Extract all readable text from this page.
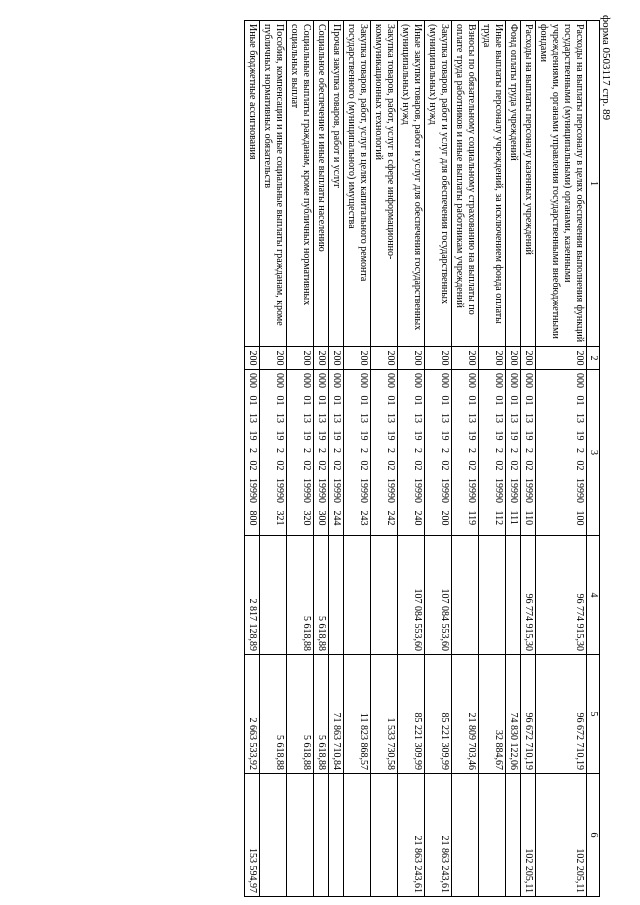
форма 0503117 стр. 89
1	2	3	4	5	6
Расходы на выплаты персоналу в целях обеспечения выполнения функций государственными (муниципальными) органами, казенными учреждениями, органами управления государственными внебюджетными фондами	200	000 01 13 19 2 02 19990 100	96 774 915,30	96 672 710,19	102 205,11
Расходы на выплаты персоналу казенных учреждений	200	000 01 13 19 2 02 19990 110	96 774 915,30	96 672 710,19	102 205,11
Фонд оплаты труда учреждений	200	000 01 13 19 2 02 19990 111		74 830 122,06	
Иные выплаты персоналу учреждений, за исключением фонда оплаты труда	200	000 01 13 19 2 02 19990 112		32 884,67	
Взносы по обязательному социальному страхованию на выплаты по оплате труда работников и иные выплаты работникам учреждений	200	000 01 13 19 2 02 19990 119		21 809 703,46	
Закупка товаров, работ и услуг для обеспечения государственных (муниципальных) нужд	200	000 01 13 19 2 02 19990 200	107 084 553,60	85 221 309,99	21 863 243,61
Иные закупки товаров, работ и услуг для обеспечения государственных (муниципальных) нужд	200	000 01 13 19 2 02 19990 240	107 084 553,60	85 221 309,99	21 863 243,61
Закупка товаров, работ, услуг в сфере информационно-коммуникационных технологий	200	000 01 13 19 2 02 19990 242		1 533 730,58	
Закупка товаров, работ, услуг в целях капитального ремонта государственного (муниципального) имущества	200	000 01 13 19 2 02 19990 243		11 823 868,57	
Прочая закупка товаров, работ и услуг	200	000 01 13 19 2 02 19990 244		71 863 710,84	
Социальное обеспечение и иные выплаты населению	200	000 01 13 19 2 02 19990 300	5 618,88	5 618,88	
Социальные выплаты гражданам, кроме публичных нормативных социальных выплат	200	000 01 13 19 2 02 19990 320	5 618,88	5 618,88	
Пособия, компенсации и иные социальные выплаты гражданам, кроме публичных нормативных обязательств	200	000 01 13 19 2 02 19990 321		5 618,88	
Иные бюджетные ассигнования	200	000 01 13 19 2 02 19990 800	2 817 128,89	2 663 533,92	153 594,97
